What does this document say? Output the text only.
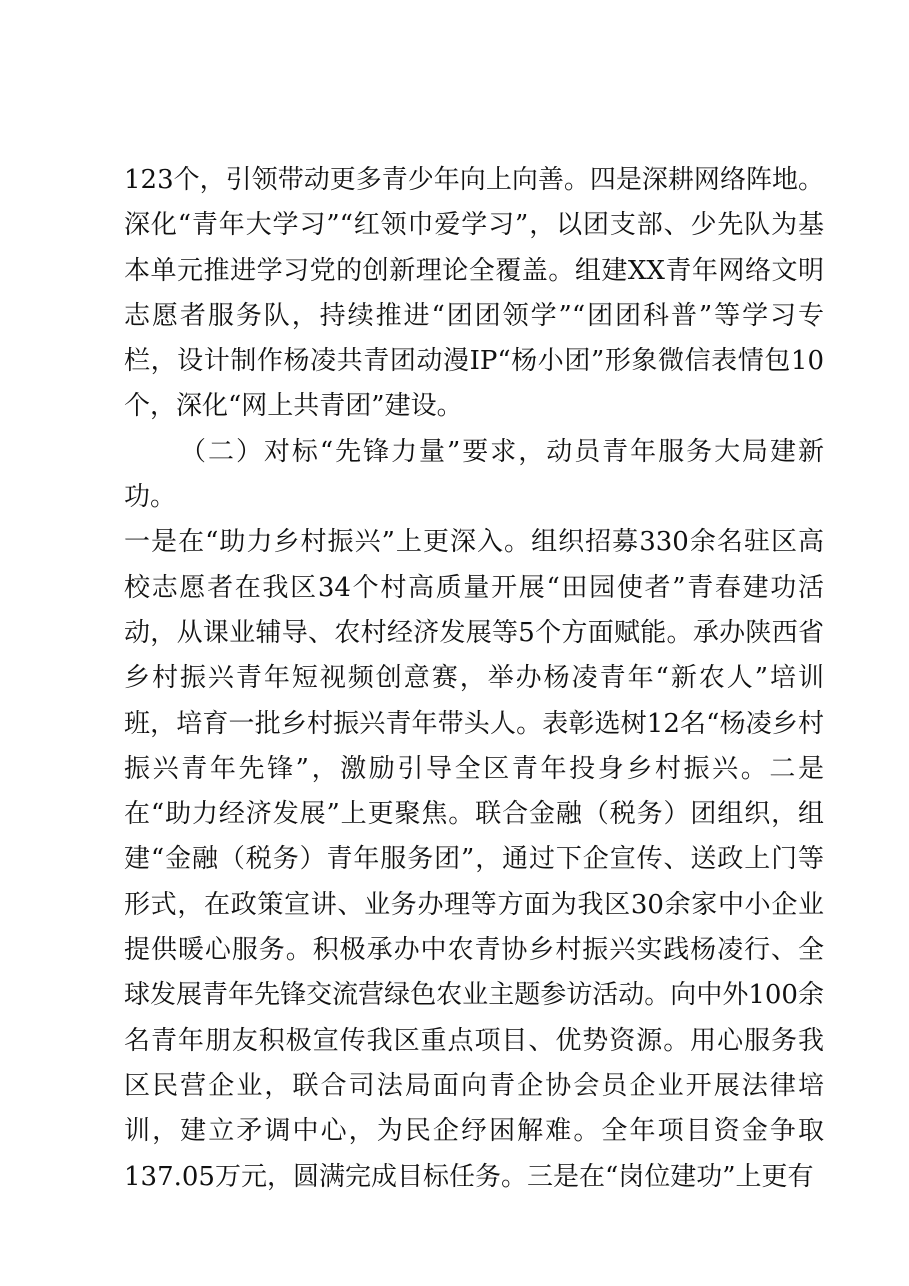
123个，引领带动更多青少年向上向善。四是深耕网络阵地。深化“青年大学习”“红领巾爱学习”，以团支部、少先队为基本单元推进学习党的创新理论全覆盖。组建XX青年网络文明志愿者服务队，持续推进“团团领学”“团团科普”等学习专栏，设计制作杨凌共青团动漫IP“杨小团”形象微信表情包10个，深化“网上共青团”建设。

（二）对标“先锋力量”要求，动员青年服务大局建新功。

一是在“助力乡村振兴”上更深入。组织招募330余名驻区高校志愿者在我区34个村高质量开展“田园使者”青春建功活动，从课业辅导、农村经济发展等5个方面赋能。承办陕西省乡村振兴青年短视频创意赛，举办杨凌青年“新农人”培训班，培育一批乡村振兴青年带头人。表彰选树12名“杨凌乡村振兴青年先锋”，激励引导全区青年投身乡村振兴。二是在“助力经济发展”上更聚焦。联合金融（税务）团组织，组建“金融（税务）青年服务团”，通过下企宣传、送政上门等形式，在政策宣讲、业务办理等方面为我区30余家中小企业提供暖心服务。积极承办中农青协乡村振兴实践杨凌行、全球发展青年先锋交流营绿色农业主题参访活动。向中外100余名青年朋友积极宣传我区重点项目、优势资源。用心服务我区民营企业，联合司法局面向青企协会员企业开展法律培训，建立矛调中心，为民企纾困解难。全年项目资金争取137.05万元，圆满完成目标任务。三是在“岗位建功”上更有
